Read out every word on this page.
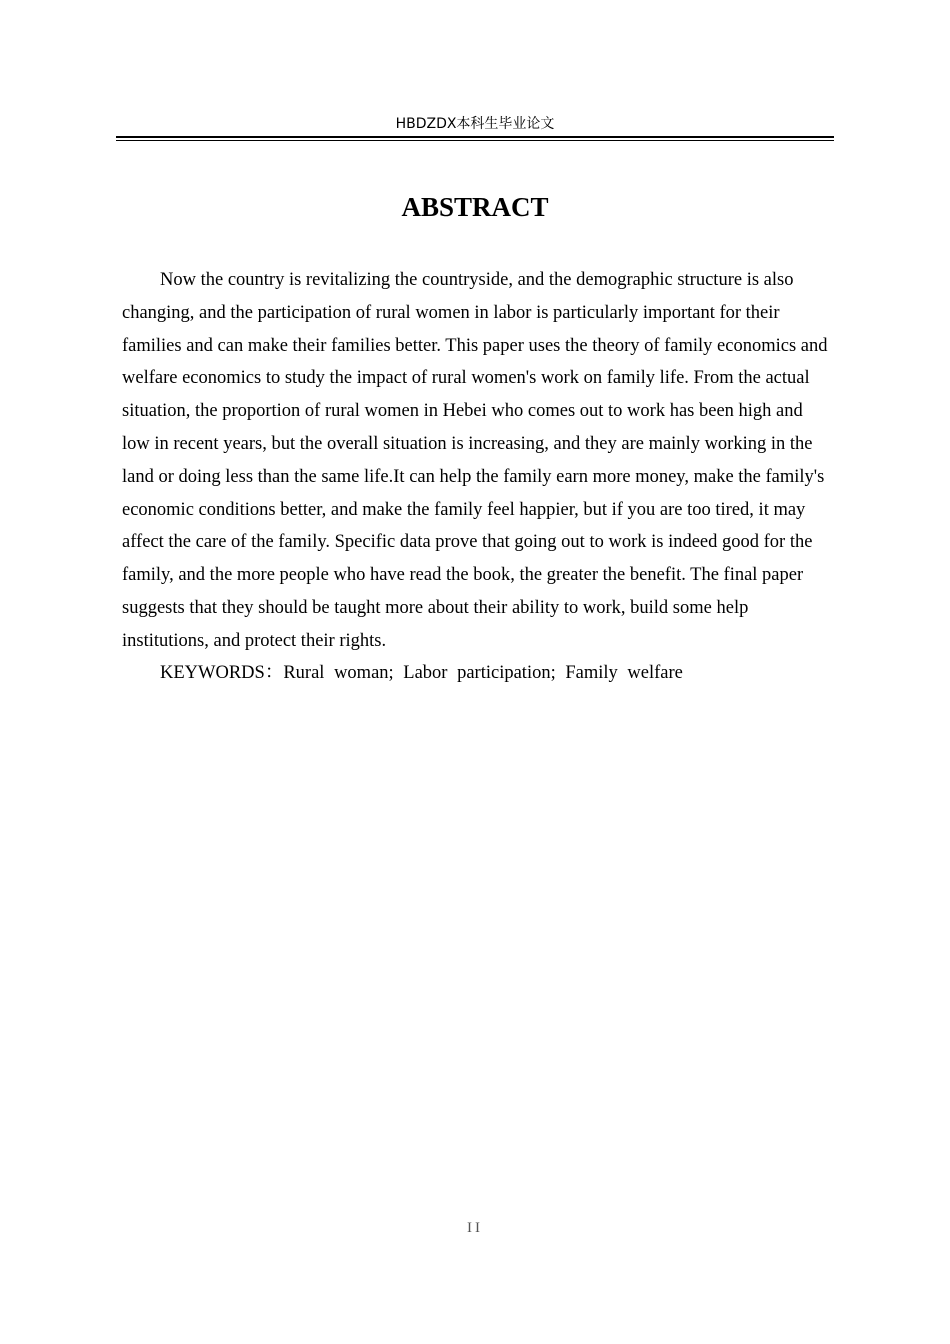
HBDZDX本科生毕业论文
ABSTRACT

Now the country is revitalizing the countryside, and the demographic structure is also changing, and the participation of rural women in labor is particularly important for their families and can make their families better. This paper uses the theory of family economics and welfare economics to study the impact of rural women's work on family life. From the actual situation, the proportion of rural women in Hebei who comes out to work has been high and low in recent years, but the overall situation is increasing, and they are mainly working in the land or doing less than the same life.It can help the family earn more money, make the family's economic conditions better, and make the family feel happier, but if you are too tired, it may affect the care of the family. Specific data prove that going out to work is indeed good for the family, and the more people who have read the book, the greater the benefit. The final paper suggests that they should be taught more about their ability to work, build some help institutions, and protect their rights.

KEYWORDS：Rural woman; Labor participation; Family welfare
II
